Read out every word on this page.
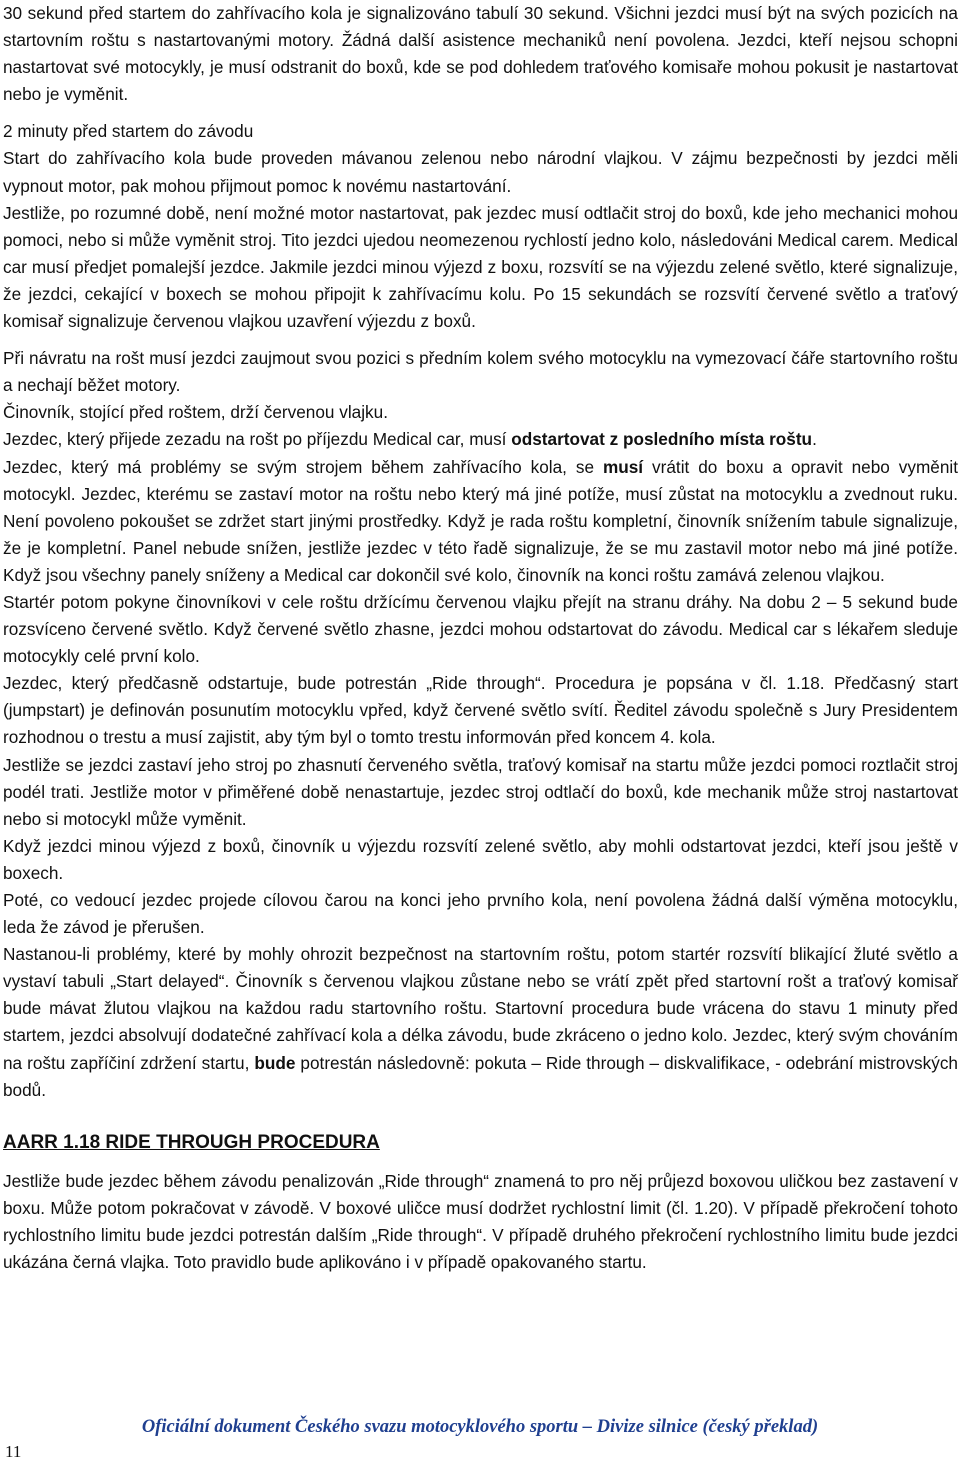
30 sekund před startem do zahřívacího kola je signalizováno tabulí 30 sekund. Všichni jezdci musí být na svých pozicích na startovním roštu s nastartovanými motory. Žádná další asistence mechaniků není povolena. Jezdci, kteří nejsou schopni nastartovat své motocykly, je musí odstranit do boxů, kde se pod dohledem traťového komisaře mohou pokusit je nastartovat nebo je vyměnit.

2 minuty před startem do závodu

Start do zahřívacího kola bude proveden mávanou zelenou nebo národní vlajkou. V zájmu bezpečnosti by jezdci měli vypnout motor, pak mohou přijmout pomoc k novému nastartování.

Jestliže, po rozumné době, není možné motor nastartovat, pak jezdec musí odtlačit stroj do boxů, kde jeho mechanici mohou pomoci, nebo si může vyměnit stroj. Tito jezdci ujedou neomezenou rychlostí jedno kolo, následováni Medical carem. Medical car musí předjet pomalejší jezdce. Jakmile jezdci minou výjezd z boxu, rozsvítí se na výjezdu zelené světlo, které signalizuje, že jezdci, cekající v boxech se mohou připojit k zahřívacímu kolu. Po 15 sekundách se rozsvítí červené světlo a traťový komisař signalizuje červenou vlajkou uzavření výjezdu z boxů.

Při návratu na rošt musí jezdci zaujmout svou pozici s předním kolem svého motocyklu na vymezovací čáře startovního roštu a nechají běžet motory.

Činovník, stojící před roštem, drží červenou vlajku.

Jezdec, který přijede zezadu na rošt po příjezdu Medical car, musí odstartovat z posledního místa roštu.

Jezdec, který má problémy se svým strojem během zahřívacího kola, se musí vrátit do boxu a opravit nebo vyměnit motocykl. Jezdec, kterému se zastaví motor na roštu nebo který má jiné potíže, musí zůstat na motocyklu a zvednout ruku. Není povoleno pokoušet se zdržet start jinými prostředky. Když je rada roštu kompletní, činovník snížením tabule signalizuje, že je kompletní. Panel nebude snížen, jestliže jezdec v této řadě signalizuje, že se mu zastavil motor nebo má jiné potíže. Když jsou všechny panely sníženy a Medical car dokončil své kolo, činovník na konci roštu zamává zelenou vlajkou.

Startér potom pokyne činovníkovi v cele roštu držícímu červenou vlajku přejít na stranu dráhy. Na dobu 2 – 5 sekund bude rozsvíceno červené světlo. Když červené světlo zhasne, jezdci mohou odstartovat do závodu. Medical car s lékařem sleduje motocykly celé první kolo.

Jezdec, který předčasně odstartuje, bude potrestán „Ride through“. Procedura je popsána v čl. 1.18. Předčasný start (jumpstart) je definován posunutím motocyklu vpřed, když červené světlo svítí. Ředitel závodu společně s Jury Presidentem rozhodnou o trestu a musí zajistit, aby tým byl o tomto trestu informován před koncem 4. kola.

Jestliže se jezdci zastaví jeho stroj po zhasnutí červeného světla, traťový komisař na startu může jezdci pomoci roztlačit stroj podél trati. Jestliže motor v přiměřené době nenastartuje, jezdec stroj odtlačí do boxů, kde mechanik může stroj nastartovat nebo si motocykl může vyměnit.

Když jezdci minou výjezd z boxů, činovník u výjezdu rozsvítí zelené světlo, aby mohli odstartovat jezdci, kteří jsou ještě v boxech.

Poté, co vedoucí jezdec projede cílovou čarou na konci jeho prvního kola, není povolena žádná další výměna motocyklu, leda že závod je přerušen.

Nastanou-li problémy, které by mohly ohrozit bezpečnost na startovním roštu, potom startér rozsvítí blikající žluté světlo a vystaví tabuli „Start delayed“. Činovník s červenou vlajkou zůstane nebo se vrátí zpět před startovní rošt a traťový komisař bude mávat žlutou vlajkou na každou radu startovního roštu. Startovní procedura bude vrácena do stavu 1 minuty před startem, jezdci absolvují dodatečné zahřívací kola a délka závodu, bude zkráceno o jedno kolo. Jezdec, který svým chováním na roštu zapříčiní zdržení startu, bude potrestán následovně: pokuta – Ride through – diskvalifikace, - odebrání mistrovských bodů.

AARR 1.18 RIDE THROUGH PROCEDURA

Jestliže bude jezdec během závodu penalizován „Ride through“ znamená to pro něj průjezd boxovou uličkou bez zastavení v boxu. Může potom pokračovat v závodě. V boxové uličce musí dodržet rychlostní limit (čl. 1.20). V případě překročení tohoto rychlostního limitu bude jezdci potrestán dalším „Ride through“. V případě druhého překročení rychlostního limitu bude jezdci ukázána černá vlajka. Toto pravidlo bude aplikováno i v případě opakovaného startu.

Oficiální dokument Českého svazu motocyklového sportu – Divize silnice (český překlad)
11
